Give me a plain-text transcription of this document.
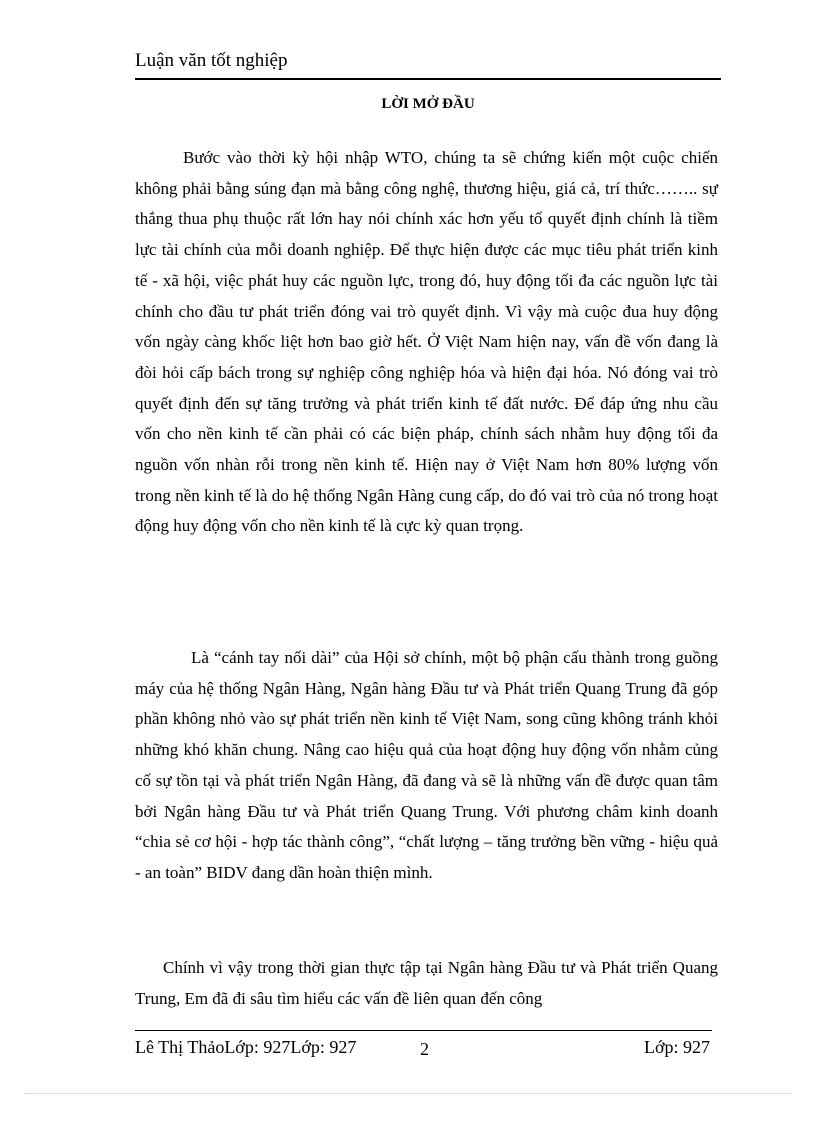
Luận văn tốt nghiệp
LỜI MỞ ĐẦU

Bước vào thời kỳ hội nhập WTO, chúng ta sẽ chứng kiến một cuộc chiến không phải bằng súng đạn mà bằng công nghệ, thương hiệu, giá cả, trí thức…….. sự thắng thua phụ thuộc rất lớn hay nói chính xác hơn yếu tố quyết định chính là tiềm lực tài chính của mỗi doanh nghiệp. Để thực hiện được các mục tiêu phát triển kinh tế - xã hội, việc phát huy các nguồn lực, trong đó, huy động tối đa các nguồn lực tài chính cho đầu tư phát triển đóng vai trò quyết định. Vì vậy mà cuộc đua huy động vốn ngày càng khốc liệt hơn bao giờ hết. Ở Việt Nam hiện nay, vấn đề vốn đang là đòi hỏi cấp bách trong sự nghiệp công nghiệp hóa và hiện đại hóa. Nó đóng vai trò quyết định đến sự tăng trưởng và phát triển kinh tế đất nước. Để đáp ứng nhu cầu vốn cho nền kinh tế cần phải có các biện pháp, chính sách nhằm huy động tối đa nguồn vốn nhàn rỗi trong nền kinh tế. Hiện nay ở Việt Nam hơn 80% lượng vốn trong nền kinh tế là do hệ thống Ngân Hàng cung cấp, do đó vai trò của nó trong hoạt động huy động vốn cho nền kinh tế là cực kỳ quan trọng.

Là “cánh tay nối dài” của Hội sở chính, một bộ phận cấu thành trong guồng máy của hệ thống Ngân Hàng, Ngân hàng Đầu tư và Phát triển Quang Trung đã góp phần không nhỏ vào sự phát triển nền kinh tế Việt Nam, song cũng không tránh khỏi những khó khăn chung. Nâng cao hiệu quả của hoạt động huy động vốn nhằm củng cố sự tồn tại và phát triển Ngân Hàng, đã đang và sẽ là những vấn đề được quan tâm bởi Ngân hàng Đầu tư và Phát triển Quang Trung. Với phương châm kinh doanh “chia sẻ cơ hội - hợp tác thành công”, “chất lượng – tăng trưởng bền vững - hiệu quả - an toàn” BIDV đang dần hoàn thiện mình.

Chính vì vậy trong thời gian thực tập tại Ngân hàng Đầu tư và Phát triển Quang Trung, Em đã đi sâu tìm hiểu các vấn đề liên quan đến công

Lê Thị ThảoLớp: 927Lớp: 927	2	Lớp: 927
